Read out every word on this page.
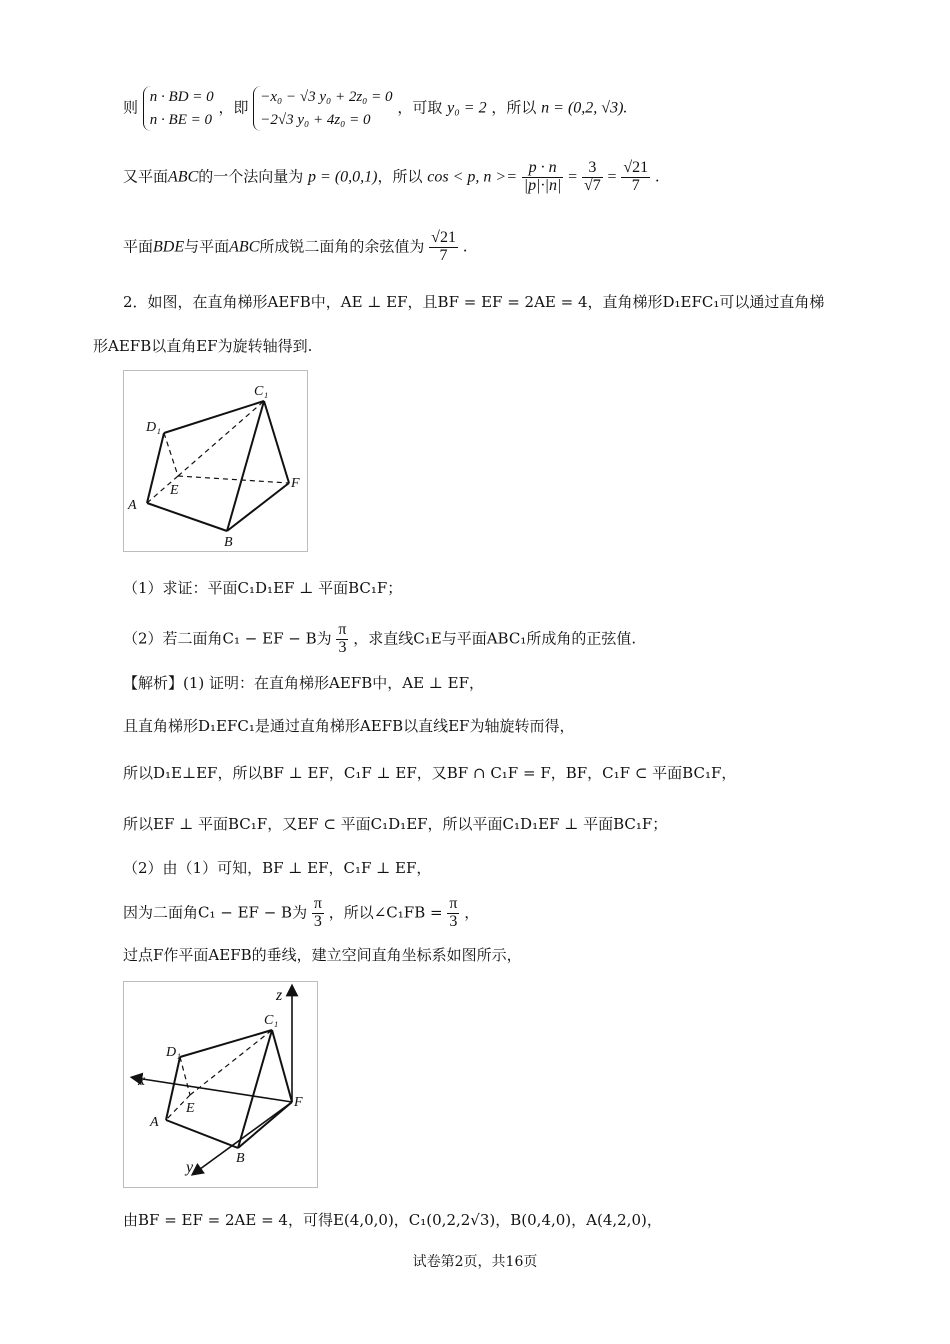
则
n · BD = 0
n · BE = 0
，即
−x₀ − √3 y₀ + 2z₀ = 0
−2√3 y₀ + 4z₀ = 0
，可取 y₀ = 2 ，所以 n = (0,2, √3).
又平面ABC的一个法向量为 p = (0,0,1)，所以 cos < p, $n >= \frac{p \cdot n}{|p|\cdot|n|} = \frac{3}{√7} = \frac{√21}{7}$ .
平面BDE与平面ABC所成锐二面角的余弦值为 $\frac{√21}{7}$ .
2．如图，在直角梯形AEFB中，AE ⊥ EF，且BF = EF = 2AE = 4，直角梯形D₁EFC₁可以通过直角梯
形AEFB以直角EF为旋转轴得到.
C₁
D₁
E	F
A
B
（1）求证：平面C₁D₁EF ⊥ 平面BC₁F；
（2）若二面角C₁ − EF − B为 $\frac{\pi}{3}$ ，求直线C₁E与平面ABC₁所成角的正弦值.
【解析】(1) 证明：在直角梯形AEFB中，AE ⊥ EF，
且直角梯形D₁EFC₁是通过直角梯形AEFB以直线EF为轴旋转而得，
所以D₁E⊥EF，所以BF ⊥ EF，C₁F ⊥ EF，又BF ∩ C₁F = F，BF，C₁F ⊂ 平面BC₁F，
所以EF ⊥ 平面BC₁F，又EF ⊂ 平面C₁D₁EF，所以平面C₁D₁EF ⊥ 平面BC₁F；
（2）由（1）可知，BF ⊥ EF，C₁F ⊥ EF，
因为二面角C₁ − EF − B为 $\frac{\pi}{3}$ ，所以∠C₁FB = $\frac{\pi}{3}$ ，
过点F作平面AEFB的垂线，建立空间直角坐标系如图所示，
C₁
D₁
E	F
A
B
x
y
z
由BF = EF = 2AE = 4，可得E(4,0,0)，C₁(0,2,2√3)，B(0,4,0)，A(4,2,0)，
试卷第2页，共16页
